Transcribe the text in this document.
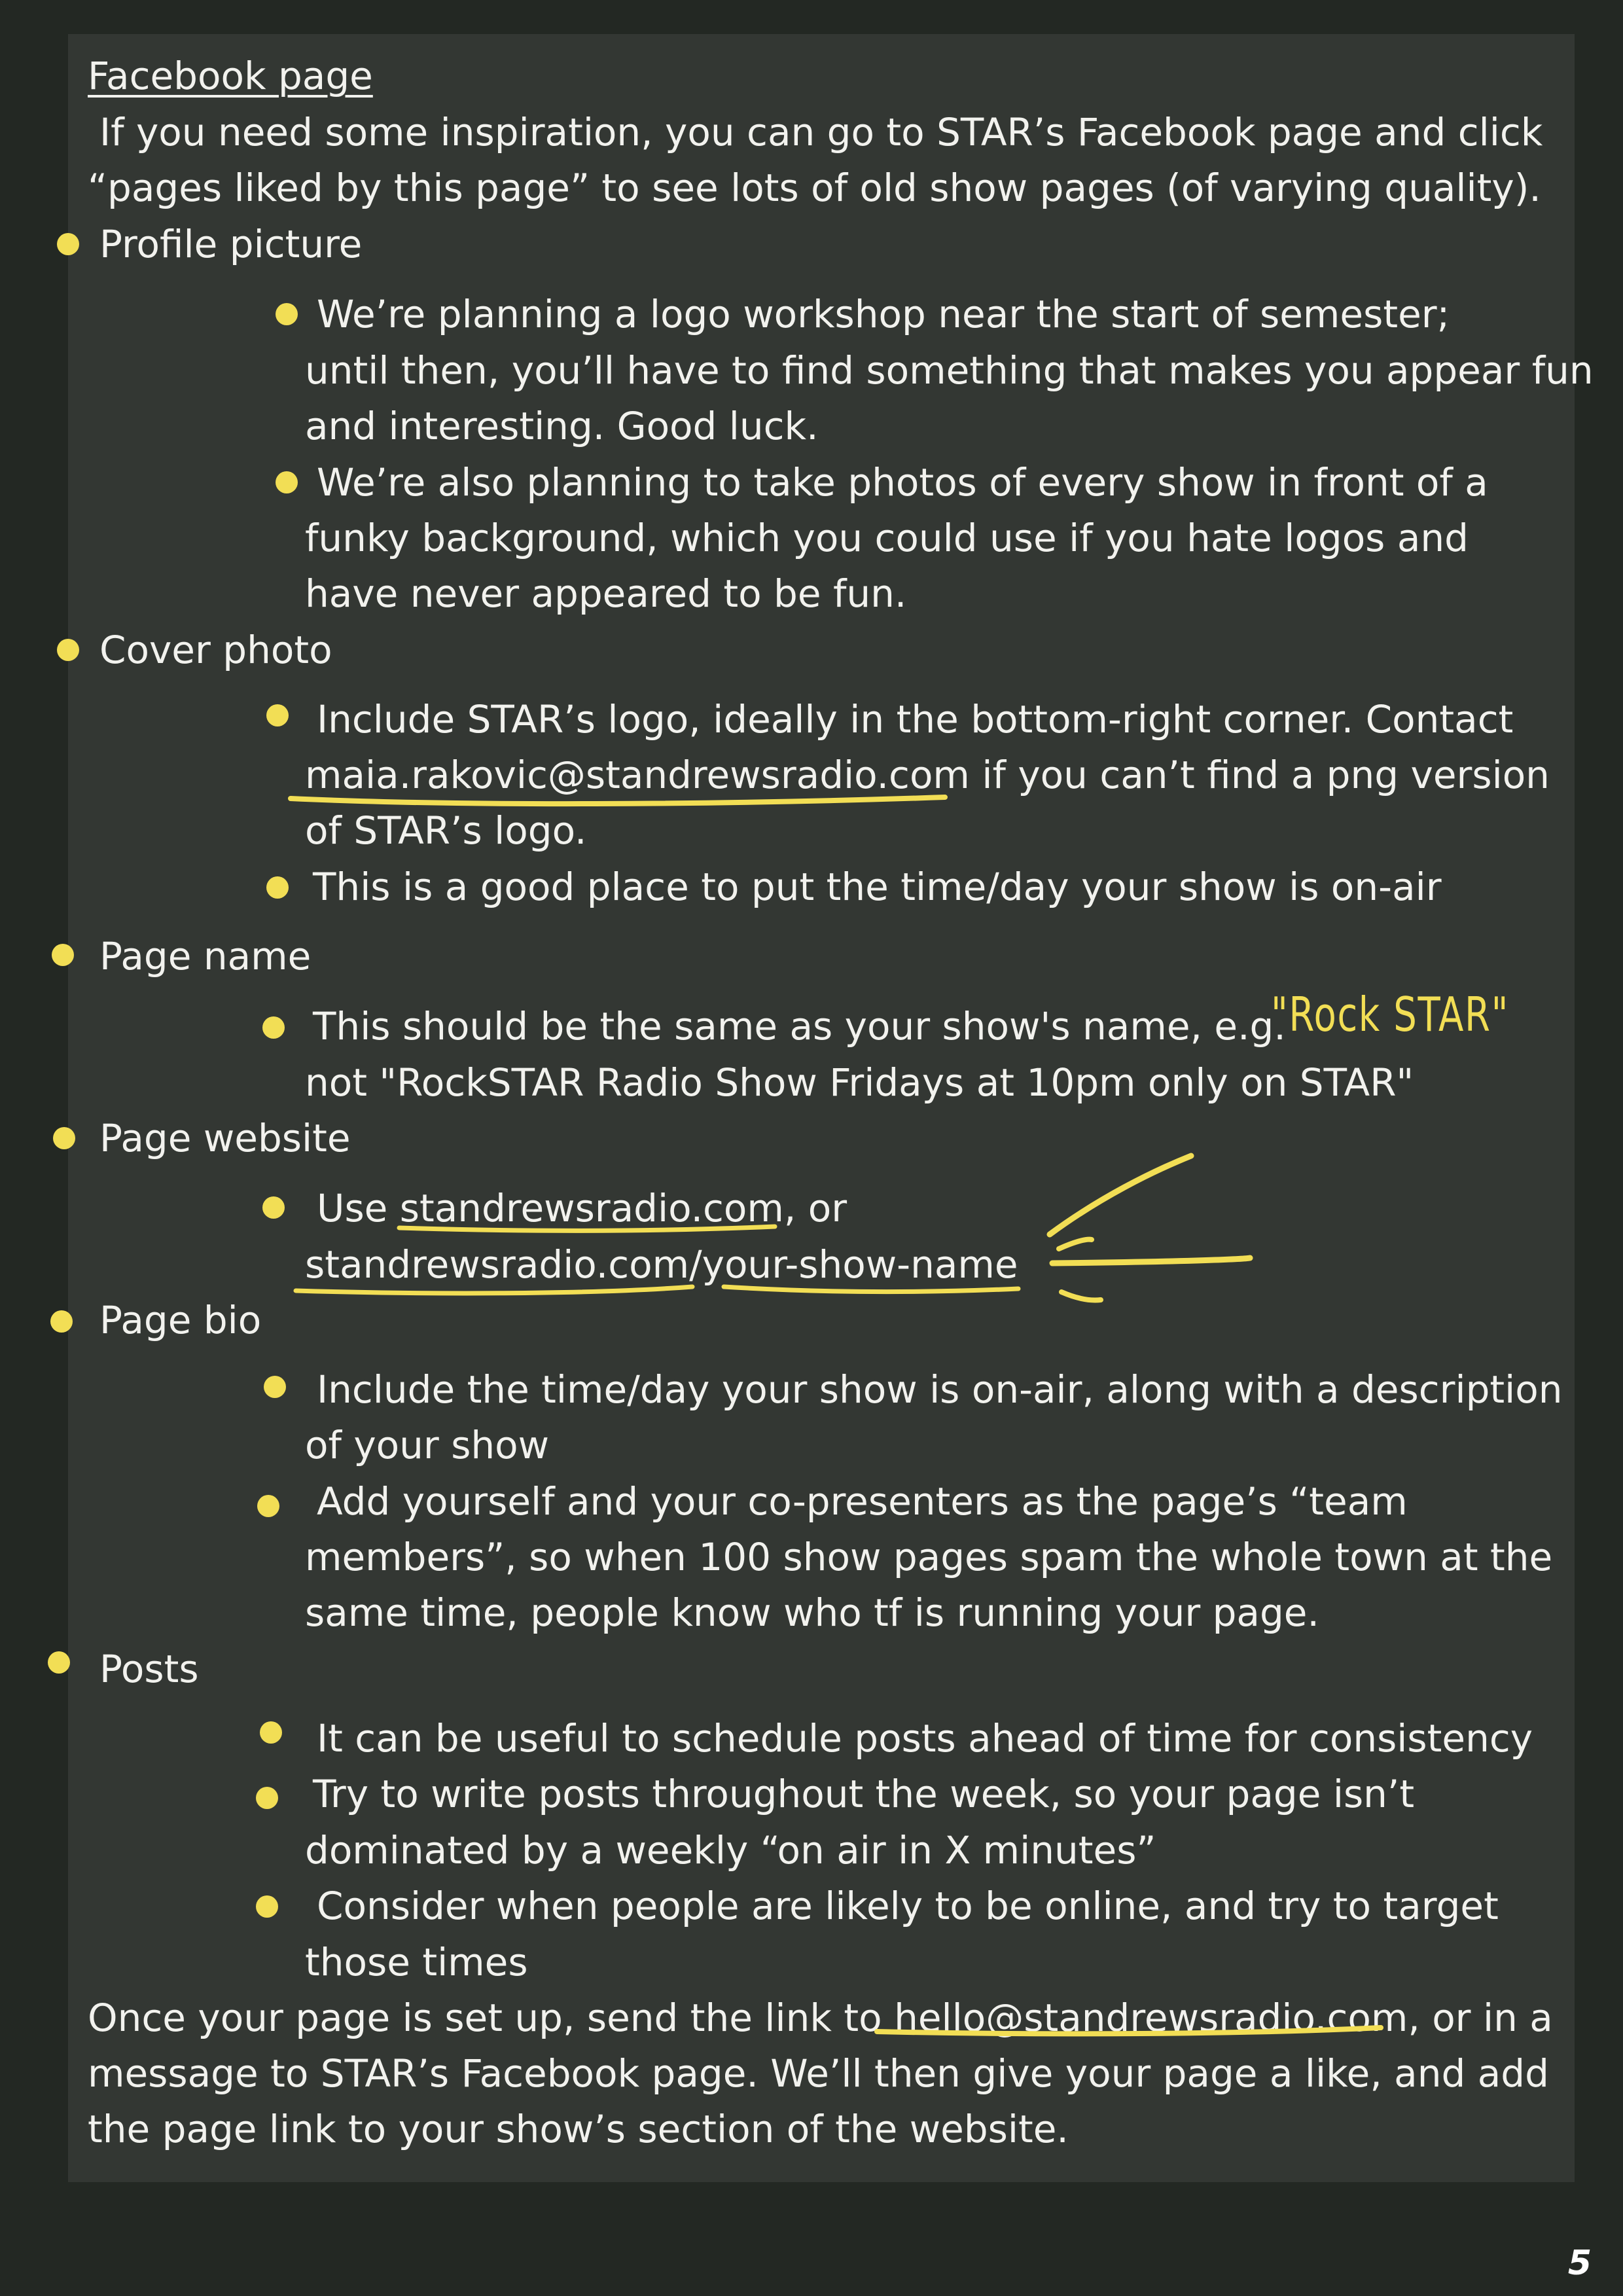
Facebook page
If you need some inspiration, you can go to STAR’s Facebook page and click
“pages liked by this page” to see lots of old show pages (of varying quality).
Profile picture
We’re planning a logo workshop near the start of semester;
until then, you’ll have to find something that makes you appear fun
and interesting. Good luck.
We’re also planning to take photos of every show in front of a
funky background, which you could use if you hate logos and
have never appeared to be fun.
Cover photo
Include STAR’s logo, ideally in the bottom-right corner. Contact
maia.rakovic@standrewsradio.com if you can’t find a png version
of STAR’s logo.
This is a good place to put the time/day your show is on-air
Page name
This should be the same as your show's name, e.g.
not "RockSTAR Radio Show Fridays at 10pm only on STAR"
"Rock STAR"
Page website
Use standrewsradio.com, or
standrewsradio.com/your-show-name
Page bio
Include the time/day your show is on-air, along with a description
of your show
Add yourself and your co-presenters as the page’s “team
members”, so when 100 show pages spam the whole town at the
same time, people know who tf is running your page.
Posts
It can be useful to schedule posts ahead of time for consistency
Try to write posts throughout the week, so your page isn’t
dominated by a weekly “on air in X minutes”
Consider when people are likely to be online, and try to target
those times
Once your page is set up, send the link to hello@standrewsradio.com, or in a
message to STAR’s Facebook page. We’ll then give your page a like, and add
the page link to your show’s section of the website.
5
